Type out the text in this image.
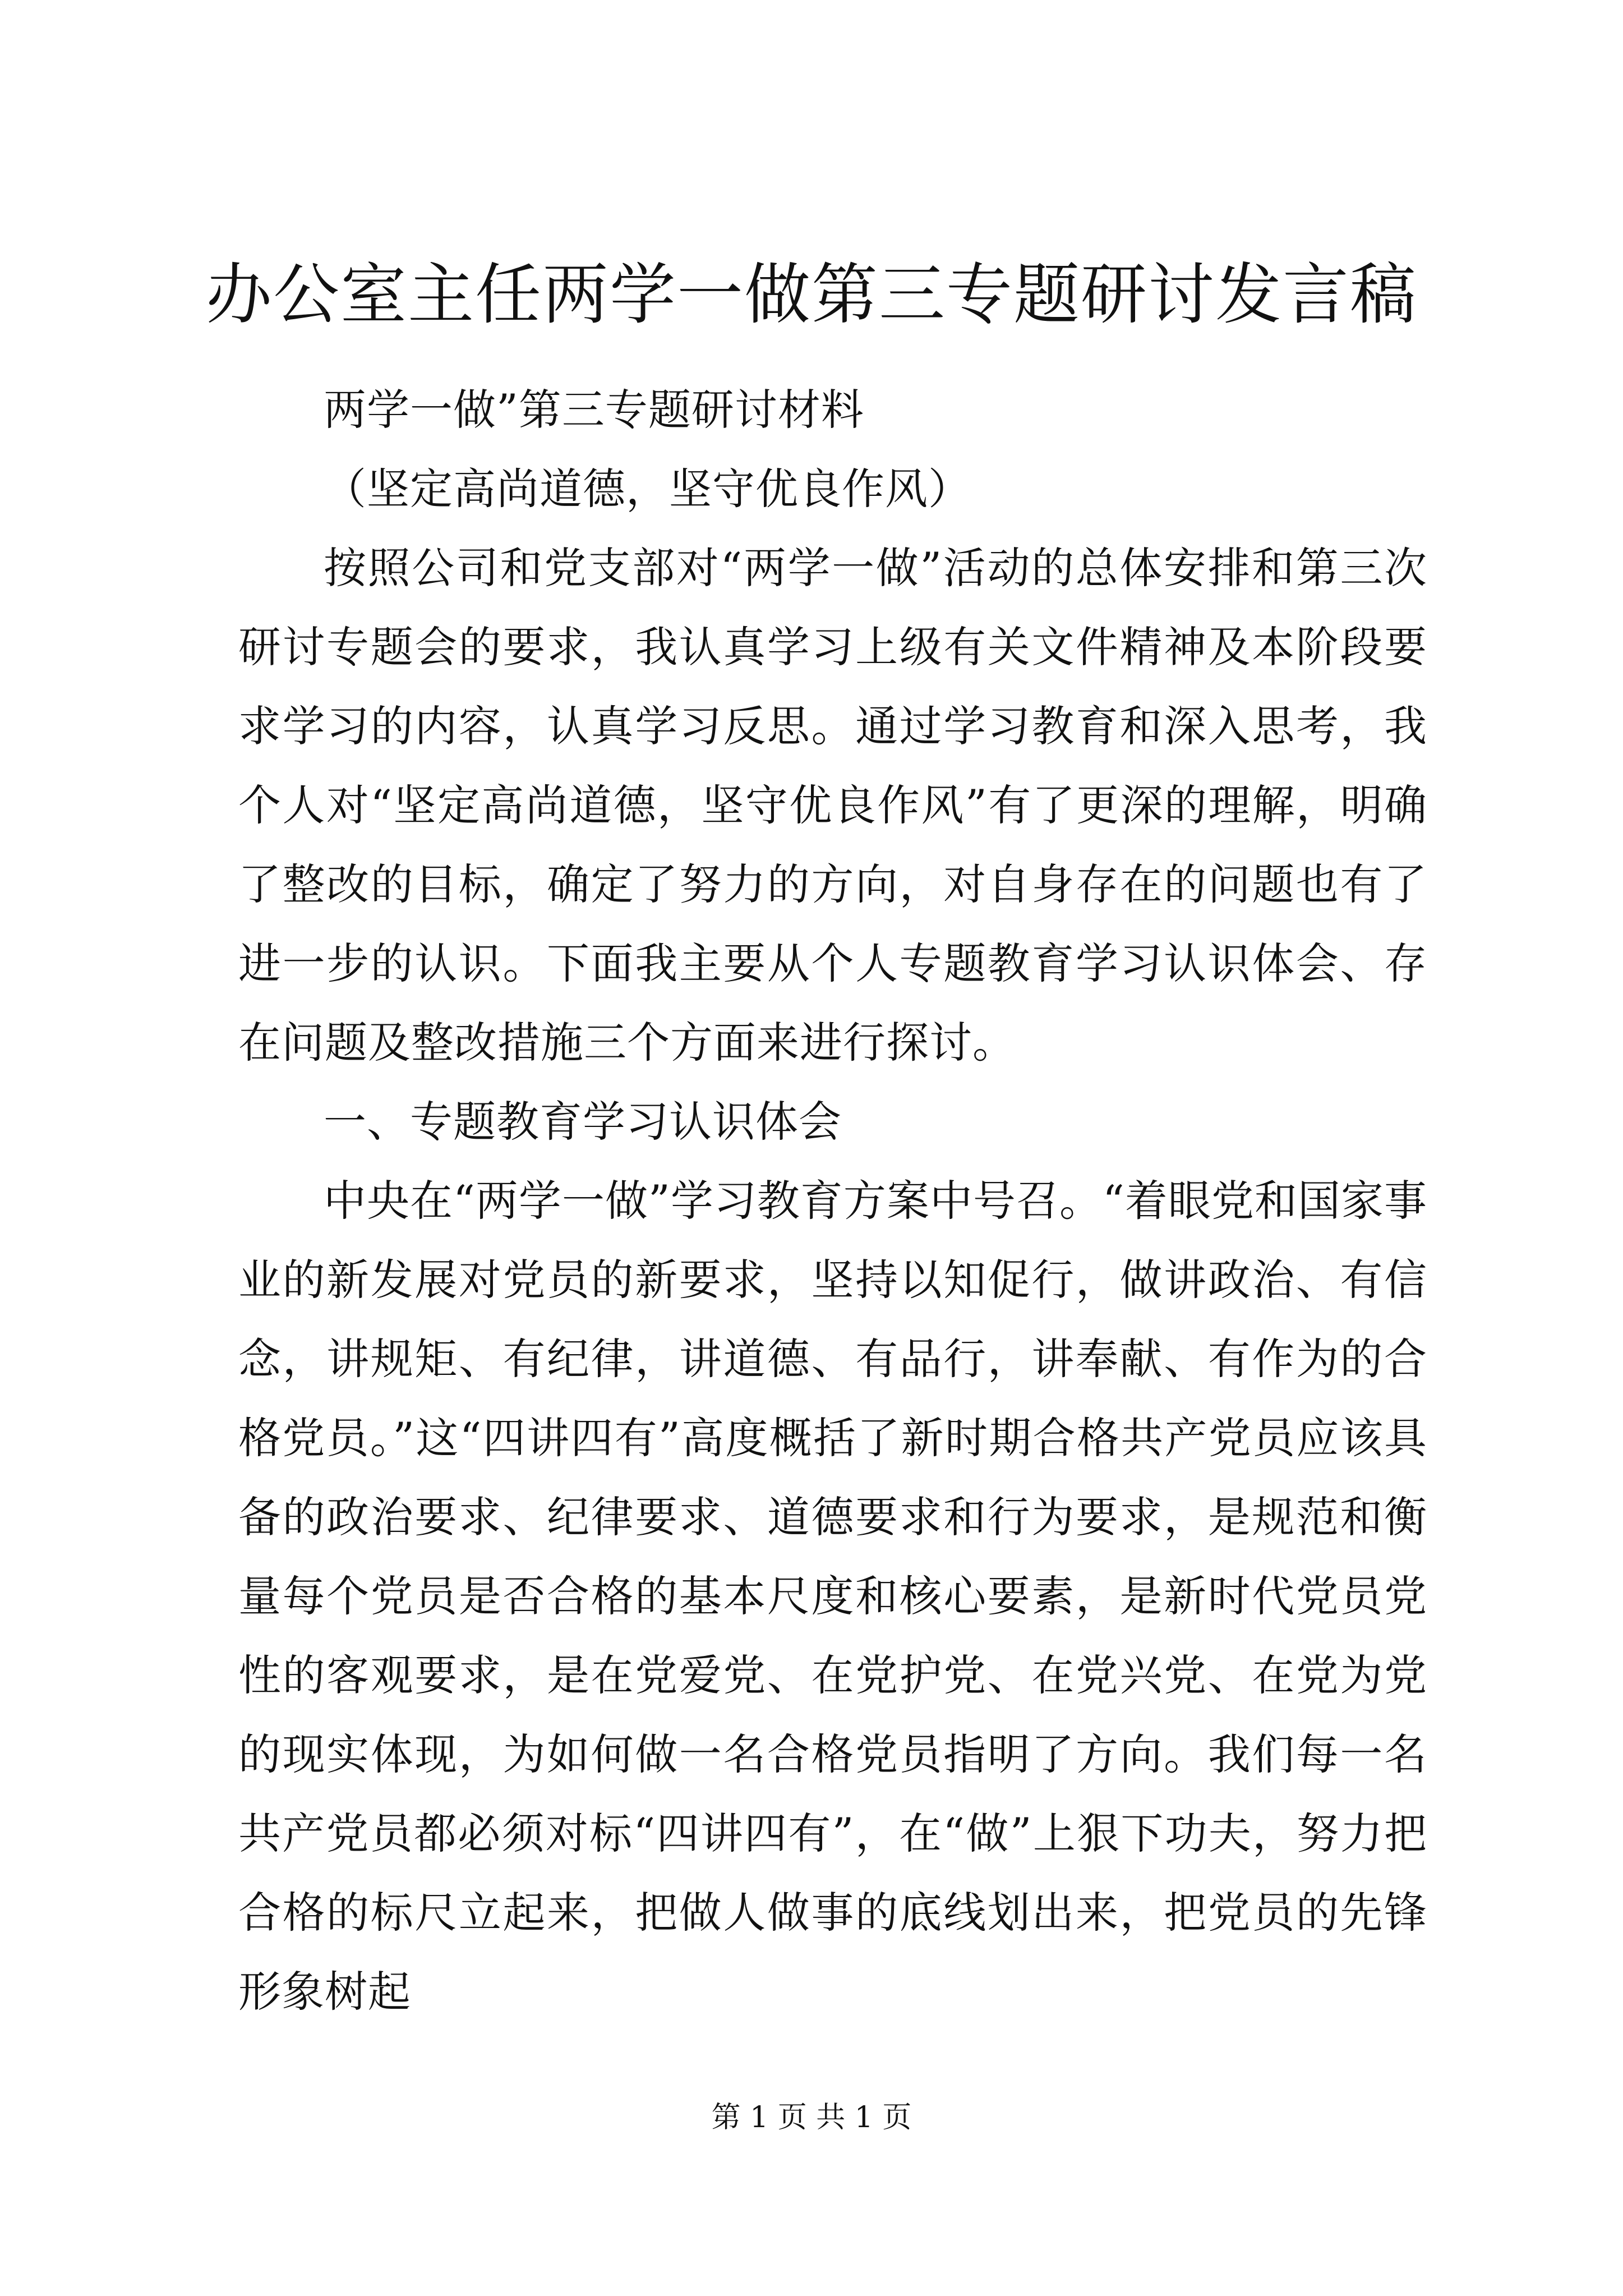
办公室主任两学一做第三专题研讨发言稿

两学一做”第三专题研讨材料

（坚定高尚道德，坚守优良作风）

按照公司和党支部对“两学一做”活动的总体安排和第三次研讨专题会的要求，我认真学习上级有关文件精神及本阶段要求学习的内容，认真学习反思。通过学习教育和深入思考，我个人对“坚定高尚道德，坚守优良作风”有了更深的理解，明确了整改的目标，确定了努力的方向，对自身存在的问题也有了进一步的认识。下面我主要从个人专题教育学习认识体会、存在问题及整改措施三个方面来进行探讨。

一、专题教育学习认识体会

中央在“两学一做”学习教育方案中号召。“着眼党和国家事业的新发展对党员的新要求，坚持以知促行，做讲政治、有信念，讲规矩、有纪律，讲道德、有品行，讲奉献、有作为的合格党员。”这“四讲四有”高度概括了新时期合格共产党员应该具备的政治要求、纪律要求、道德要求和行为要求，是规范和衡量每个党员是否合格的基本尺度和核心要素，是新时代党员党性的客观要求，是在党爱党、在党护党、在党兴党、在党为党的现实体现，为如何做一名合格党员指明了方向。我们每一名共产党员都必须对标“四讲四有”，在“做”上狠下功夫，努力把合格的标尺立起来，把做人做事的底线划出来，把党员的先锋形象树起

第 1 页 共 1 页
